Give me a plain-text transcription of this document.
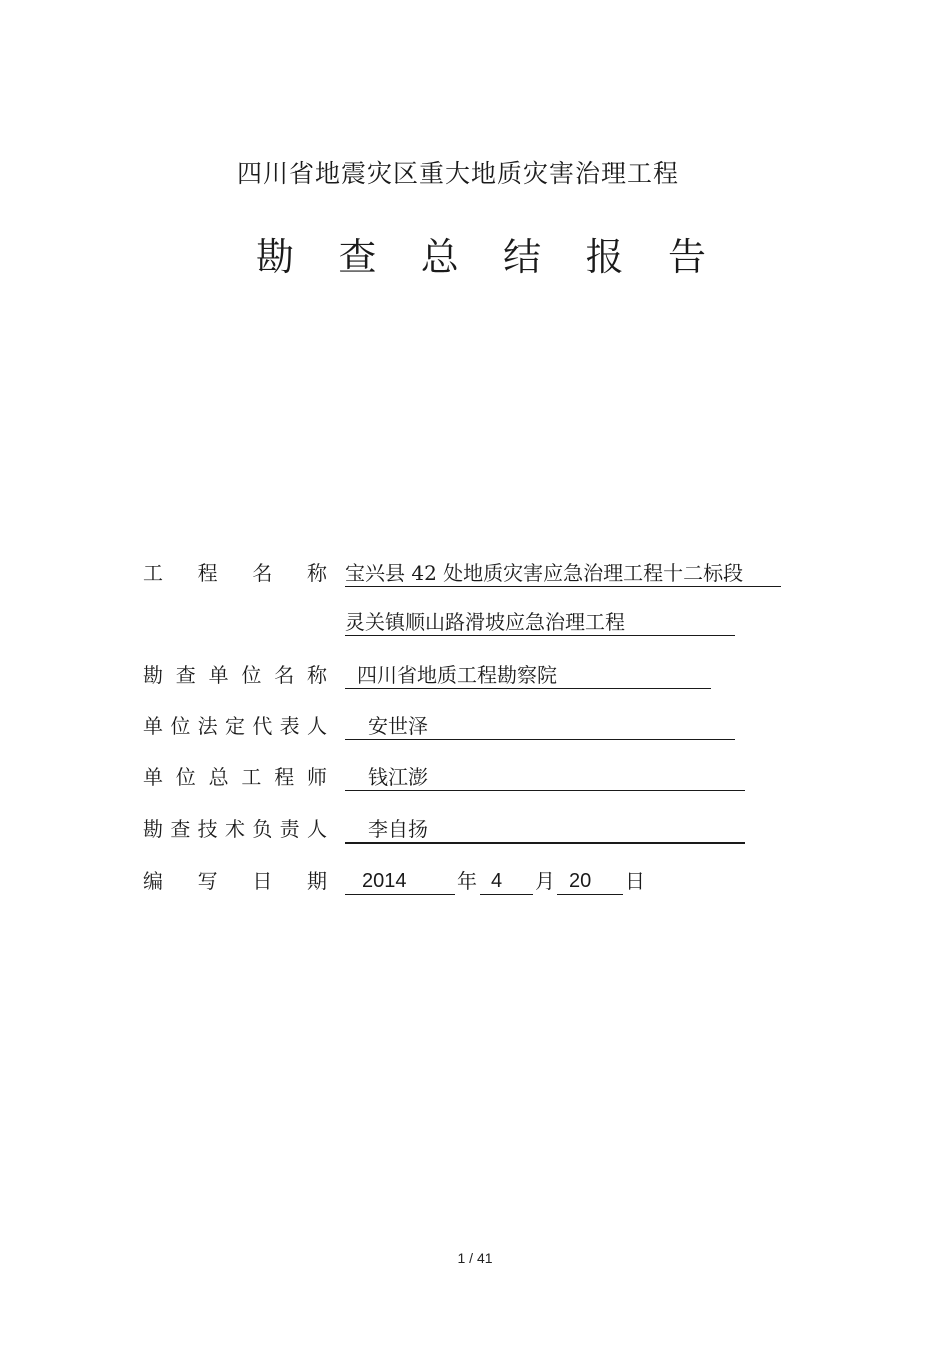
四川省地震灾区重大地质灾害治理工程
勘 查 总 结 报 告
工 程 名 称 宝兴县 42 处地质灾害应急治理工程十二标段
灵关镇顺山路滑坡应急治理工程
勘 查 单 位 名 称	四川省地质工程勘察院
单 位 法 定 代 表 人	安世泽
单 位 总 工 程 师	钱江澎
勘 查 技 术 负 责 人	李自扬
编 写 日 期	2014	年 4	月 20	日
1 / 41
